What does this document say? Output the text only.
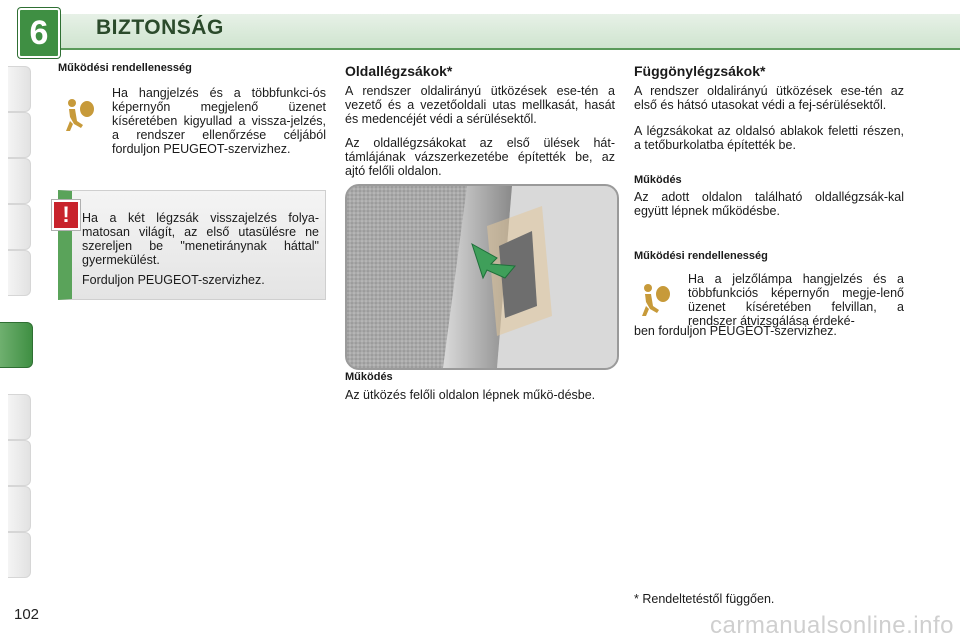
6	BIZTONSÁG
Működési rendellenesség

Ha hangjelzés és a többfunkci-ós képernyőn megjelenő üzenet kíséretében kigyullad a vissza-jelzés, a rendszer ellenőrzése céljából forduljon PEUGEOT-szervizhez.

Ha a két légzsák visszajelzés folya-matosan világít, az első utasülésre ne szereljen be "menetiránynak háttal" gyermekülést.

Forduljon PEUGEOT-szervizhez.

!
Oldallégzsákok*

A rendszer oldalirányú ütközések ese-tén a vezető és a vezetőoldali utas mellkasát, hasát és medencéjét védi a sérülésektől.

Az oldallégzsákokat az első ülések hát-támlájának vázszerkezetébe építették be, az ajtó felőli oldalon.

Működés

Az ütközés felőli oldalon lépnek műkö-désbe.

Függönylégzsákok*

A rendszer oldalirányú ütközések ese-tén az első és hátsó utasokat védi a fej-sérülésektől.

A légzsákokat az oldalsó ablakok feletti részen, a tetőburkolatba építették be.

Működés

Az adott oldalon található oldallégzsák-kal együtt lépnek működésbe.

Működési rendellenesség

Ha a jelzőlámpa hangjelzés és a többfunkciós képernyőn megje-lenő üzenet kíséretében felvillan, a rendszer átvizsgálása érdeké-

ben forduljon PEUGEOT-szervizhez.

* Rendeltetéstől függően.
102	carmanualsonline.info
